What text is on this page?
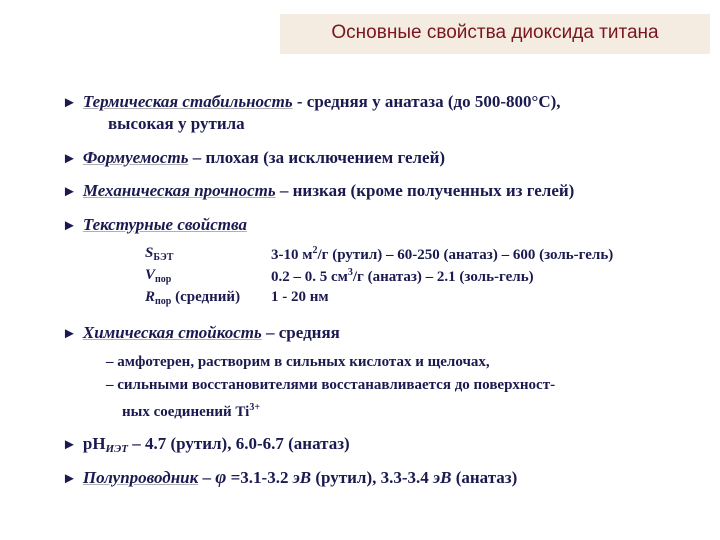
Основные свойства диоксида титана
► Термическая стабильность - средняя у анатаза (до 500-800°С),
высокая у рутила
► Формуемость – плохая (за исключением гелей)
► Механическая прочность – низкая (кроме полученных из гелей)
► Текстурные свойства
$S_{БЭТ}$	3-10 $м^2/г$ (рутил) – 60-250 (анатаз) – 600 (золь-гель)
$V_{пор}$	0.2 – 0. 5 $см^3/г$ (анатаз) – 2.1 (золь-гель)
$R_{пор}$ (средний) 1 - 20 нм
► Химическая стойкость – средняя
– амфотерен, растворим в сильных кислотах и щелочах,
– сильными восстановителями восстанавливается до поверхност-
ных соединений $Ti^{3+}$
► $pH_{ИЭТ} - 4.7$ (рутил), 6.0-6.7 (анатаз)
► Полупроводник – φ =3.1-3.2 эВ (рутил), 3.3-3.4 эВ (анатаз)
